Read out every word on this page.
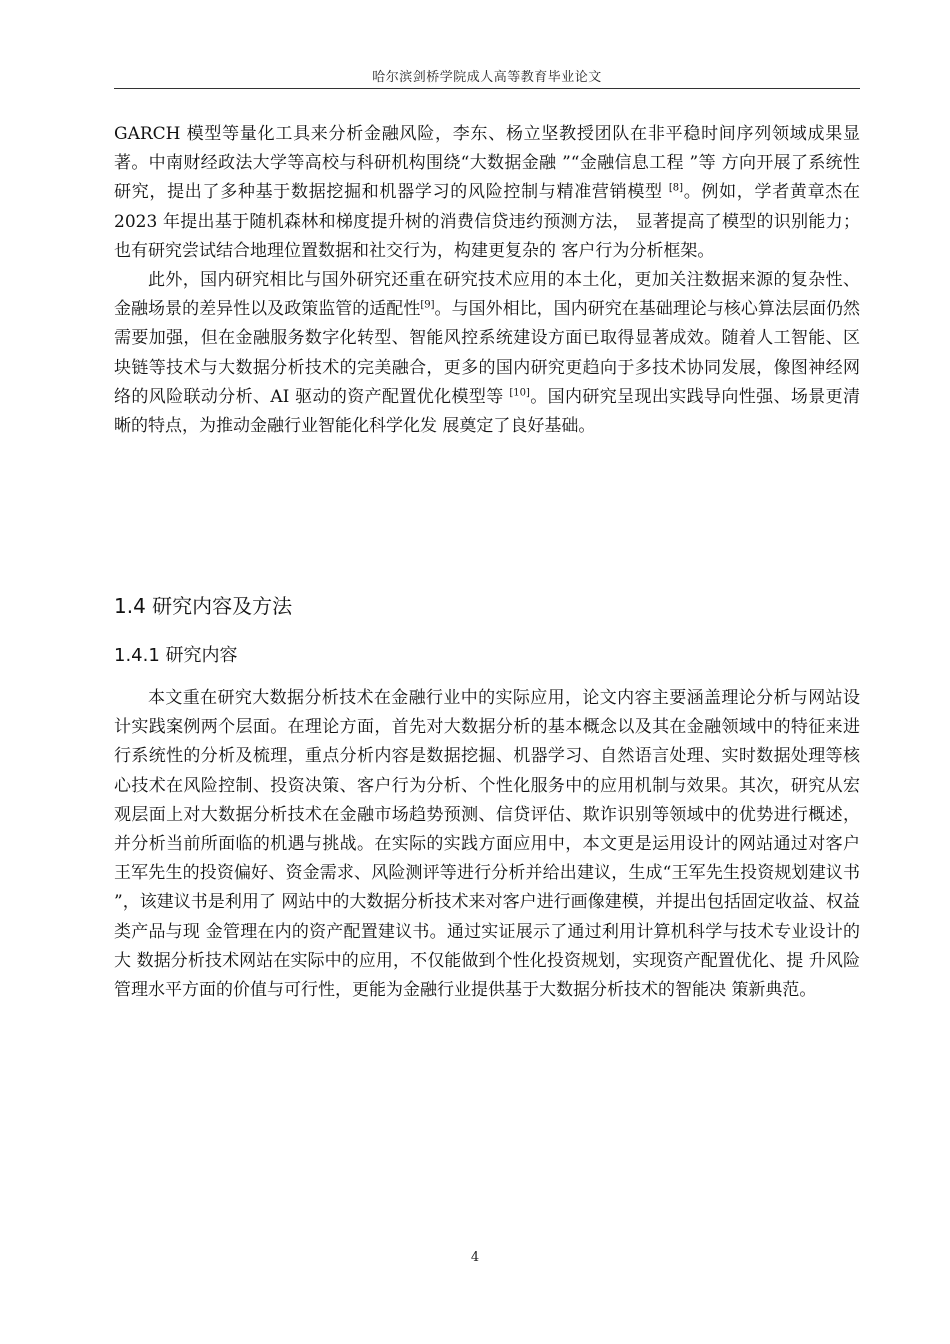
哈尔滨剑桥学院成人高等教育毕业论文

GARCH 模型等量化工具来分析金融风险，李东、杨立坚教授团队在非平稳时间序列领域成果显著。中南财经政法大学等高校与科研机构围绕“大数据金融 ”“金融信息工程 ”等 方向开展了系统性研究，提出了多种基于数据挖掘和机器学习的风险控制与精准营销模型 [8]。例如，学者黄章杰在 2023 年提出基于随机森林和梯度提升树的消费信贷违约预测方法， 显著提高了模型的识别能力；也有研究尝试结合地理位置数据和社交行为，构建更复杂的 客户行为分析框架。

此外，国内研究相比与国外研究还重在研究技术应用的本土化，更加关注数据来源的复杂性、金融场景的差异性以及政策监管的适配性[9]。与国外相比，国内研究在基础理论与核心算法层面仍然需要加强，但在金融服务数字化转型、智能风控系统建设方面已取得显著成效。随着人工智能、区块链等技术与大数据分析技术的完美融合，更多的国内研究更趋向于多技术协同发展，像图神经网络的风险联动分析、AI 驱动的资产配置优化模型等 [10]。国内研究呈现出实践导向性强、场景更清晰的特点，为推动金融行业智能化科学化发 展奠定了良好基础。

1.4 研究内容及方法
1.4.1 研究内容

本文重在研究大数据分析技术在金融行业中的实际应用，论文内容主要涵盖理论分析与网站设计实践案例两个层面。在理论方面，首先对大数据分析的基本概念以及其在金融领域中的特征来进行系统性的分析及梳理，重点分析内容是数据挖掘、机器学习、自然语言处理、实时数据处理等核心技术在风险控制、投资决策、客户行为分析、个性化服务中的应用机制与效果。其次，研究从宏观层面上对大数据分析技术在金融市场趋势预测、信贷评估、欺诈识别等领域中的优势进行概述，并分析当前所面临的机遇与挑战。在实际的实践方面应用中，本文更是运用设计的网站通过对客户王军先生的投资偏好、资金需求、风险测评等进行分析并给出建议，生成“王军先生投资规划建议书 ”，该建议书是利用了 网站中的大数据分析技术来对客户进行画像建模，并提出包括固定收益、权益类产品与现 金管理在内的资产配置建议书。通过实证展示了通过利用计算机科学与技术专业设计的大 数据分析技术网站在实际中的应用，不仅能做到个性化投资规划，实现资产配置优化、提 升风险管理水平方面的价值与可行性，更能为金融行业提供基于大数据分析技术的智能决 策新典范。

4
